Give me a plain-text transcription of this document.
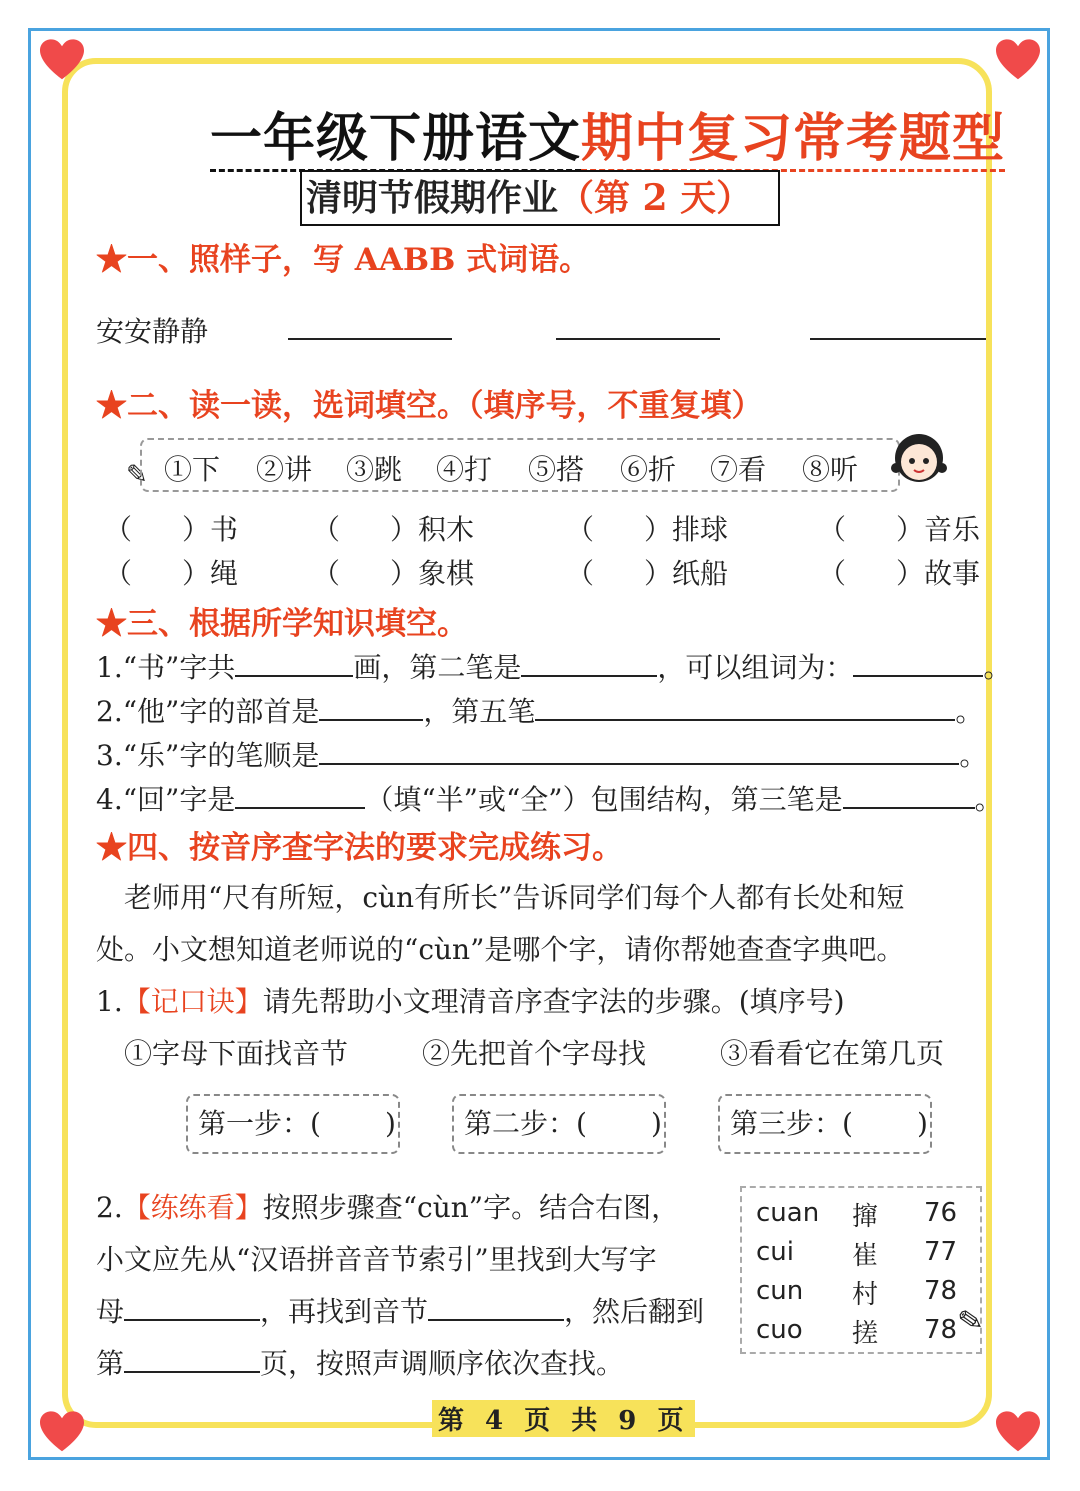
一年级下册语文期中复习常考题型
清明节假期作业（第 2 天）
★一、照样子，写 AABB 式词语。
安安静静
★二、读一读，选词填空。（填序号，不重复填）
✎ ①下 ②讲 ③跳 ④打 ⑤搭 ⑥折 ⑦看 ⑧听
（ ）书	（ ）积木	（ ）排球	（ ）音乐
（ ）绳	（ ）象棋	（ ）纸船	（ ）故事
★三、根据所学知识填空。
1.“书”字共	画，第二笔是	，可以组词为：	。
2.“他”字的部首是	，第五笔	。
3.“乐”字的笔顺是	。
4.“回”字是	（填“半”或“全”）包围结构，第三笔是	。
★四、按音序查字法的要求完成练习。
老师用“尺有所短，cùn有所长”告诉同学们每个人都有长处和短
处。小文想知道老师说的“cùn”是哪个字，请你帮她查查字典吧。
1.【记口诀】请先帮助小文理清音序查字法的步骤。(填序号)
①字母下面找音节	②先把首个字母找	③看看它在第几页
第一步：( )	第二步：( )	第三步：( )
2.【练练看】按照步骤查“cùn”字。结合右图，
小文应先从“汉语拼音音节索引”里找到大写字
母	，再找到音节	，然后翻到
第	页，按照声调顺序依次查找。
cuan 撺 76
cui 崔 77
cun 村 78
cuo 搓 78
✎
第 4 页 共 9 页
